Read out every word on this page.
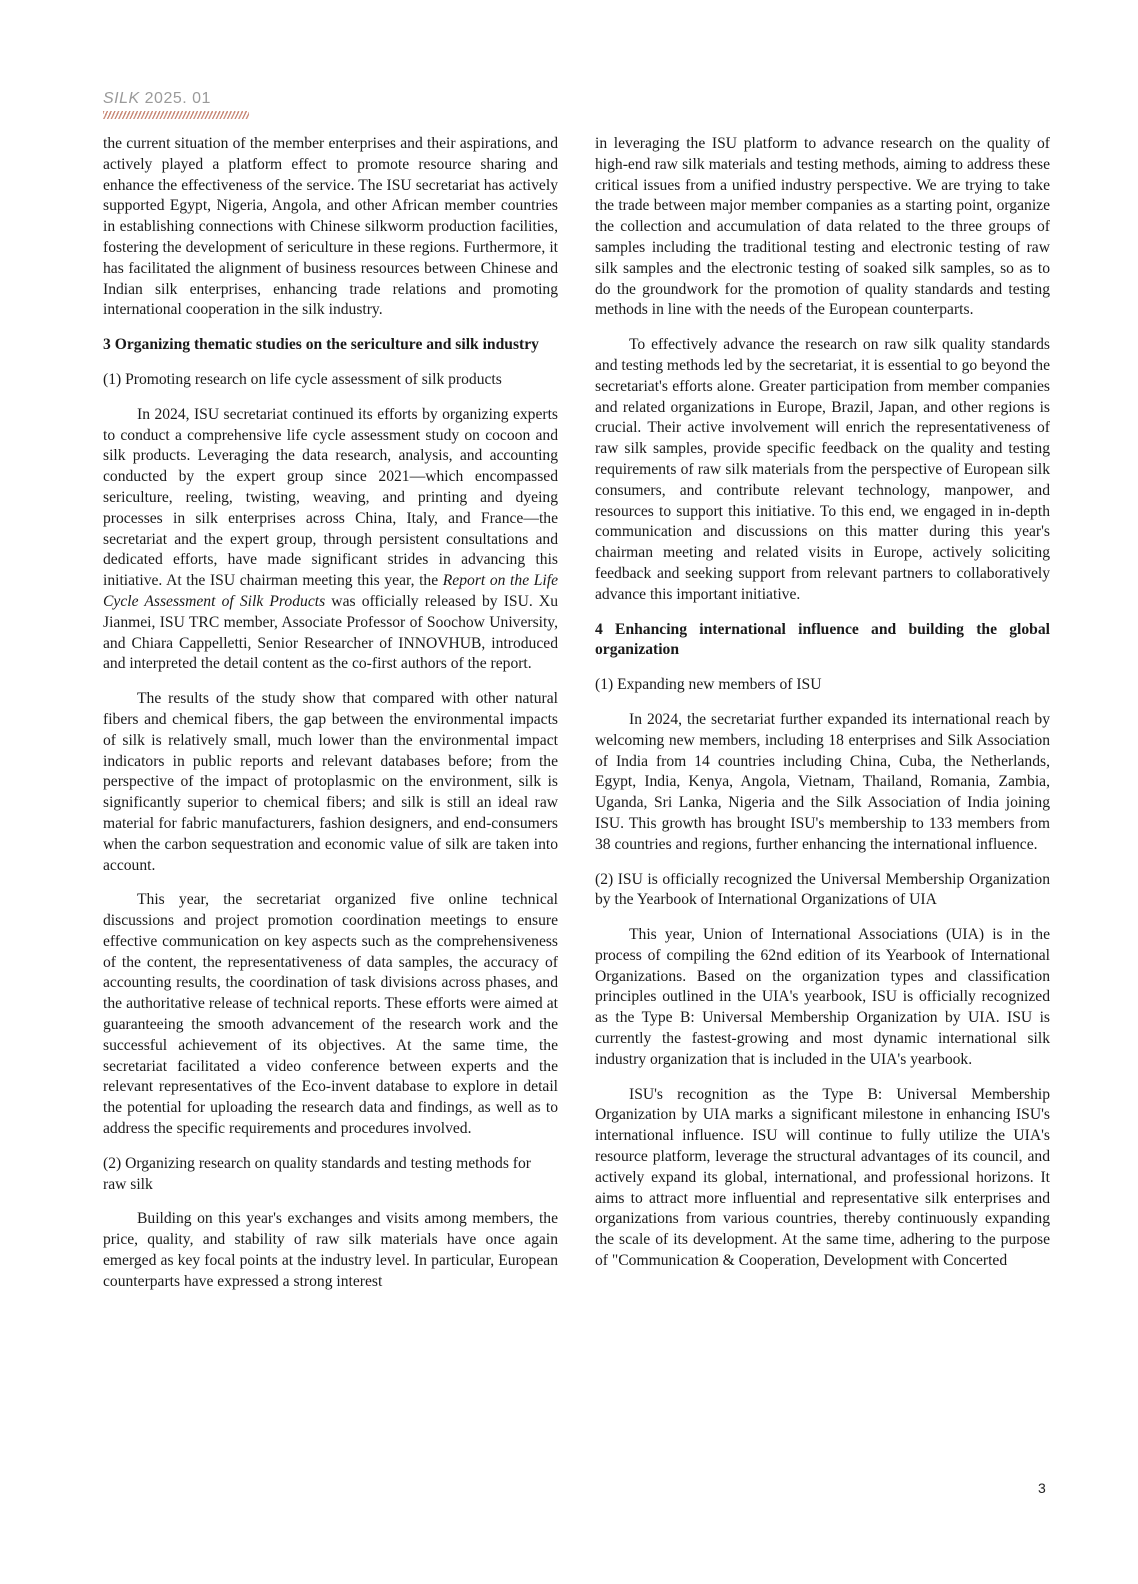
SILK 2025. 01

the current situation of the member enterprises and their aspirations, and actively played a platform effect to promote resource sharing and enhance the effectiveness of the service. The ISU secretariat has actively supported Egypt, Nigeria, Angola, and other African member countries in establishing connections with Chinese silkworm production facilities, fostering the development of sericulture in these regions. Furthermore, it has facilitated the alignment of business resources between Chinese and Indian silk enterprises, enhancing trade relations and promoting international cooperation in the silk industry.

3 Organizing thematic studies on the sericulture and silk industry

(1) Promoting research on life cycle assessment of silk products

In 2024, ISU secretariat continued its efforts by organizing experts to conduct a comprehensive life cycle assessment study on cocoon and silk products. Leveraging the data research, analysis, and accounting conducted by the expert group since 2021—which encompassed sericulture, reeling, twisting, weaving, and printing and dyeing processes in silk enterprises across China, Italy, and France—the secretariat and the expert group, through persistent consultations and dedicated efforts, have made significant strides in advancing this initiative. At the ISU chairman meeting this year, the Report on the Life Cycle Assessment of Silk Products was officially released by ISU. Xu Jianmei, ISU TRC member, Associate Professor of Soochow University, and Chiara Cappelletti, Senior Researcher of INNOVHUB, introduced and interpreted the detail content as the co-first authors of the report.

The results of the study show that compared with other natural fibers and chemical fibers, the gap between the environmental impacts of silk is relatively small, much lower than the environmental impact indicators in public reports and relevant databases before; from the perspective of the impact of protoplasmic on the environment, silk is significantly superior to chemical fibers; and silk is still an ideal raw material for fabric manufacturers, fashion designers, and end-consumers when the carbon sequestration and economic value of silk are taken into account.

This year, the secretariat organized five online technical discussions and project promotion coordination meetings to ensure effective communication on key aspects such as the comprehensiveness of the content, the representativeness of data samples, the accuracy of accounting results, the coordination of task divisions across phases, and the authoritative release of technical reports. These efforts were aimed at guaranteeing the smooth advancement of the research work and the successful achievement of its objectives. At the same time, the secretariat facilitated a video conference between experts and the relevant representatives of the Eco-invent database to explore in detail the potential for uploading the research data and findings, as well as to address the specific requirements and procedures involved.

(2) Organizing research on quality standards and testing methods for raw silk

Building on this year's exchanges and visits among members, the price, quality, and stability of raw silk materials have once again emerged as key focal points at the industry level. In particular, European counterparts have expressed a strong interest

in leveraging the ISU platform to advance research on the quality of high-end raw silk materials and testing methods, aiming to address these critical issues from a unified industry perspective. We are trying to take the trade between major member companies as a starting point, organize the collection and accumulation of data related to the three groups of samples including the traditional testing and electronic testing of raw silk samples and the electronic testing of soaked silk samples, so as to do the groundwork for the promotion of quality standards and testing methods in line with the needs of the European counterparts.

To effectively advance the research on raw silk quality standards and testing methods led by the secretariat, it is essential to go beyond the secretariat's efforts alone. Greater participation from member companies and related organizations in Europe, Brazil, Japan, and other regions is crucial. Their active involvement will enrich the representativeness of raw silk samples, provide specific feedback on the quality and testing requirements of raw silk materials from the perspective of European silk consumers, and contribute relevant technology, manpower, and resources to support this initiative. To this end, we engaged in in-depth communication and discussions on this matter during this year's chairman meeting and related visits in Europe, actively soliciting feedback and seeking support from relevant partners to collaboratively advance this important initiative.

4 Enhancing international influence and building the global organization

(1) Expanding new members of ISU

In 2024, the secretariat further expanded its international reach by welcoming new members, including 18 enterprises and Silk Association of India from 14 countries including China, Cuba, the Netherlands, Egypt, India, Kenya, Angola, Vietnam, Thailand, Romania, Zambia, Uganda, Sri Lanka, Nigeria and the Silk Association of India joining ISU. This growth has brought ISU's membership to 133 members from 38 countries and regions, further enhancing the international influence.

(2) ISU is officially recognized the Universal Membership Organization by the Yearbook of International Organizations of UIA

This year, Union of International Associations (UIA) is in the process of compiling the 62nd edition of its Yearbook of International Organizations. Based on the organization types and classification principles outlined in the UIA's yearbook, ISU is officially recognized as the Type B: Universal Membership Organization by UIA. ISU is currently the fastest-growing and most dynamic international silk industry organization that is included in the UIA's yearbook.

ISU's recognition as the Type B: Universal Membership Organization by UIA marks a significant milestone in enhancing ISU's international influence. ISU will continue to fully utilize the UIA's resource platform, leverage the structural advantages of its council, and actively expand its global, international, and professional horizons. It aims to attract more influential and representative silk enterprises and organizations from various countries, thereby continuously expanding the scale of its development. At the same time, adhering to the purpose of "Communication & Cooperation, Development with Concerted

3
